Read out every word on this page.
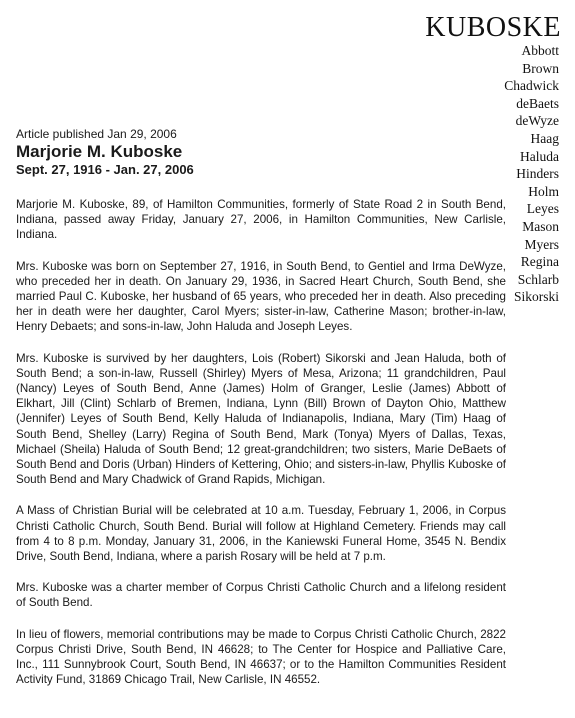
KUBOSKE
Abbott
Brown
Chadwick
deBaets
deWyze
Haag
Haluda
Hinders
Holm
Leyes
Mason
Myers
Regina
Schlarb
Sikorski

Article published Jan 29, 2006

Marjorie M. Kuboske

Sept. 27, 1916 - Jan. 27, 2006

Marjorie M. Kuboske, 89, of Hamilton Communities, formerly of State Road 2 in South Bend, Indiana, passed away Friday, January 27, 2006, in Hamilton Communities, New Carlisle, Indiana.

Mrs. Kuboske was born on September 27, 1916, in South Bend, to Gentiel and Irma DeWyze, who preceded her in death. On January 29, 1936, in Sacred Heart Church, South Bend, she married Paul C. Kuboske, her husband of 65 years, who preceded her in death. Also preceding her in death were her daughter, Carol Myers; sister-in-law, Catherine Mason; brother-in-law, Henry Debaets; and sons-in-law, John Haluda and Joseph Leyes.

Mrs. Kuboske is survived by her daughters, Lois (Robert) Sikorski and Jean Haluda, both of South Bend; a son-in-law, Russell (Shirley) Myers of Mesa, Arizona; 11 grandchildren, Paul (Nancy) Leyes of South Bend, Anne (James) Holm of Granger, Leslie (James) Abbott of Elkhart, Jill (Clint) Schlarb of Bremen, Indiana, Lynn (Bill) Brown of Dayton Ohio, Matthew (Jennifer) Leyes of South Bend, Kelly Haluda of Indianapolis, Indiana, Mary (Tim) Haag of South Bend, Shelley (Larry) Regina of South Bend, Mark (Tonya) Myers of Dallas, Texas, Michael (Sheila) Haluda of South Bend; 12 great-grandchildren; two sisters, Marie DeBaets of South Bend and Doris (Urban) Hinders of Kettering, Ohio; and sisters-in-law, Phyllis Kuboske of South Bend and Mary Chadwick of Grand Rapids, Michigan.

A Mass of Christian Burial will be celebrated at 10 a.m. Tuesday, February 1, 2006, in Corpus Christi Catholic Church, South Bend. Burial will follow at Highland Cemetery. Friends may call from 4 to 8 p.m. Monday, January 31, 2006, in the Kaniewski Funeral Home, 3545 N. Bendix Drive, South Bend, Indiana, where a parish Rosary will be held at 7 p.m.

Mrs. Kuboske was a charter member of Corpus Christi Catholic Church and a lifelong resident of South Bend.

In lieu of flowers, memorial contributions may be made to Corpus Christi Catholic Church, 2822 Corpus Christi Drive, South Bend, IN 46628; to The Center for Hospice and Palliative Care, Inc., 111 Sunnybrook Court, South Bend, IN 46637; or to the Hamilton Communities Resident Activity Fund, 31869 Chicago Trail, New Carlisle, IN 46552.
